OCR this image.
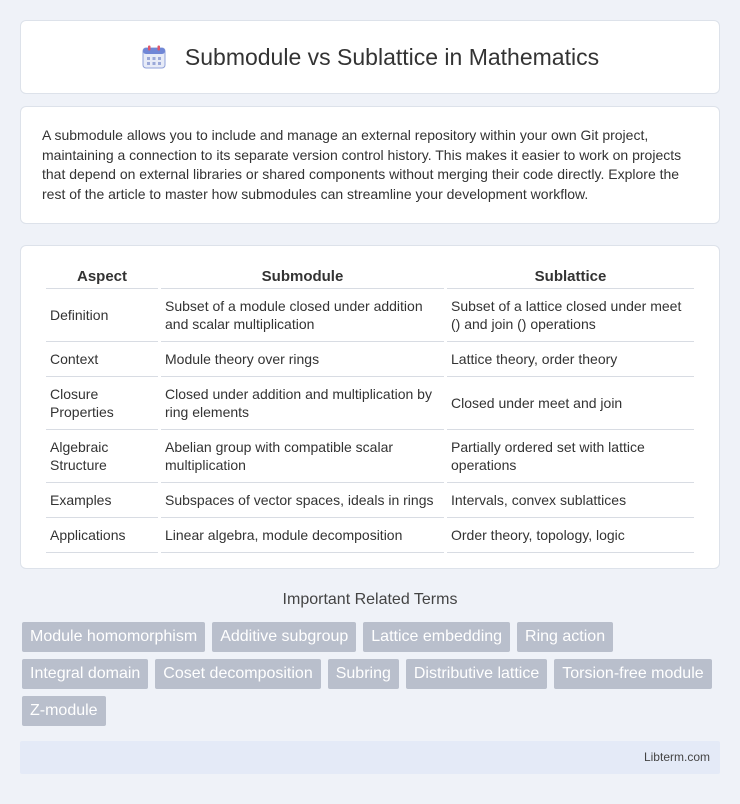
Submodule vs Sublattice in Mathematics

A submodule allows you to include and manage an external repository within your own Git project, maintaining a connection to its separate version control history. This makes it easier to work on projects that depend on external libraries or shared components without merging their code directly. Explore the rest of the article to master how submodules can streamline your development workflow.

Aspect	Submodule	Sublattice
Definition	Subset of a module closed under addition and scalar multiplication	Subset of a lattice closed under meet () and join () operations
Context	Module theory over rings	Lattice theory, order theory
Closure Properties	Closed under addition and multiplication by ring elements	Closed under meet and join
Algebraic Structure	Abelian group with compatible scalar multiplication	Partially ordered set with lattice operations
Examples	Subspaces of vector spaces, ideals in rings	Intervals, convex sublattices
Applications	Linear algebra, module decomposition	Order theory, topology, logic
Important Related Terms
Module homomorphism	Additive subgroup	Lattice embedding	Ring action
Integral domain	Coset decomposition	Subring	Distributive lattice	Torsion-free module
Z-module
Libterm.com
